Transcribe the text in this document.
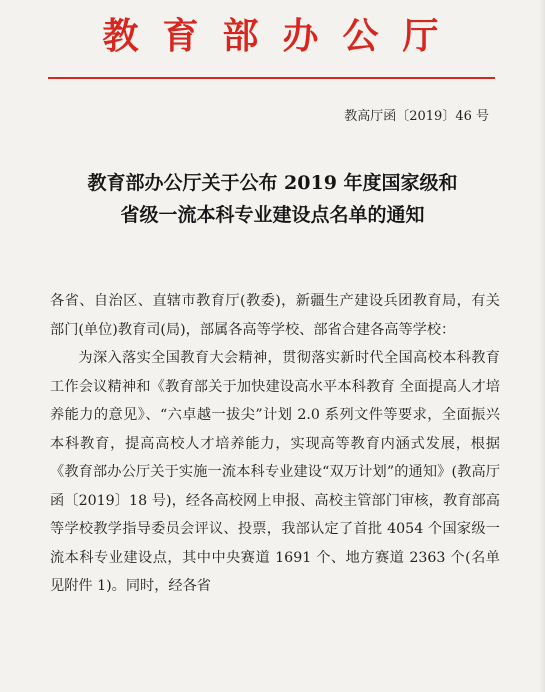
教育部办公厅
教高厅函〔2019〕46 号
教育部办公厅关于公布 2019 年度国家级和
省级一流本科专业建设点名单的通知

各省、自治区、直辖市教育厅(教委)，新疆生产建设兵团教育局，有关部门(单位)教育司(局)，部属各高等学校、部省合建各高等学校：

为深入落实全国教育大会精神，贯彻落实新时代全国高校本科教育工作会议精神和《教育部关于加快建设高水平本科教育 全面提高人才培养能力的意见》、“六卓越一拔尖”计划 2.0 系列文件等要求，全面振兴本科教育，提高高校人才培养能力，实现高等教育内涵式发展，根据《教育部办公厅关于实施一流本科专业建设“双万计划”的通知》(教高厅函〔2019〕18 号)，经各高校网上申报、高校主管部门审核，教育部高等学校教学指导委员会评议、投票，我部认定了首批 4054 个国家级一流本科专业建设点，其中中央赛道 1691 个、地方赛道 2363 个(名单见附件 1)。同时，经各省
